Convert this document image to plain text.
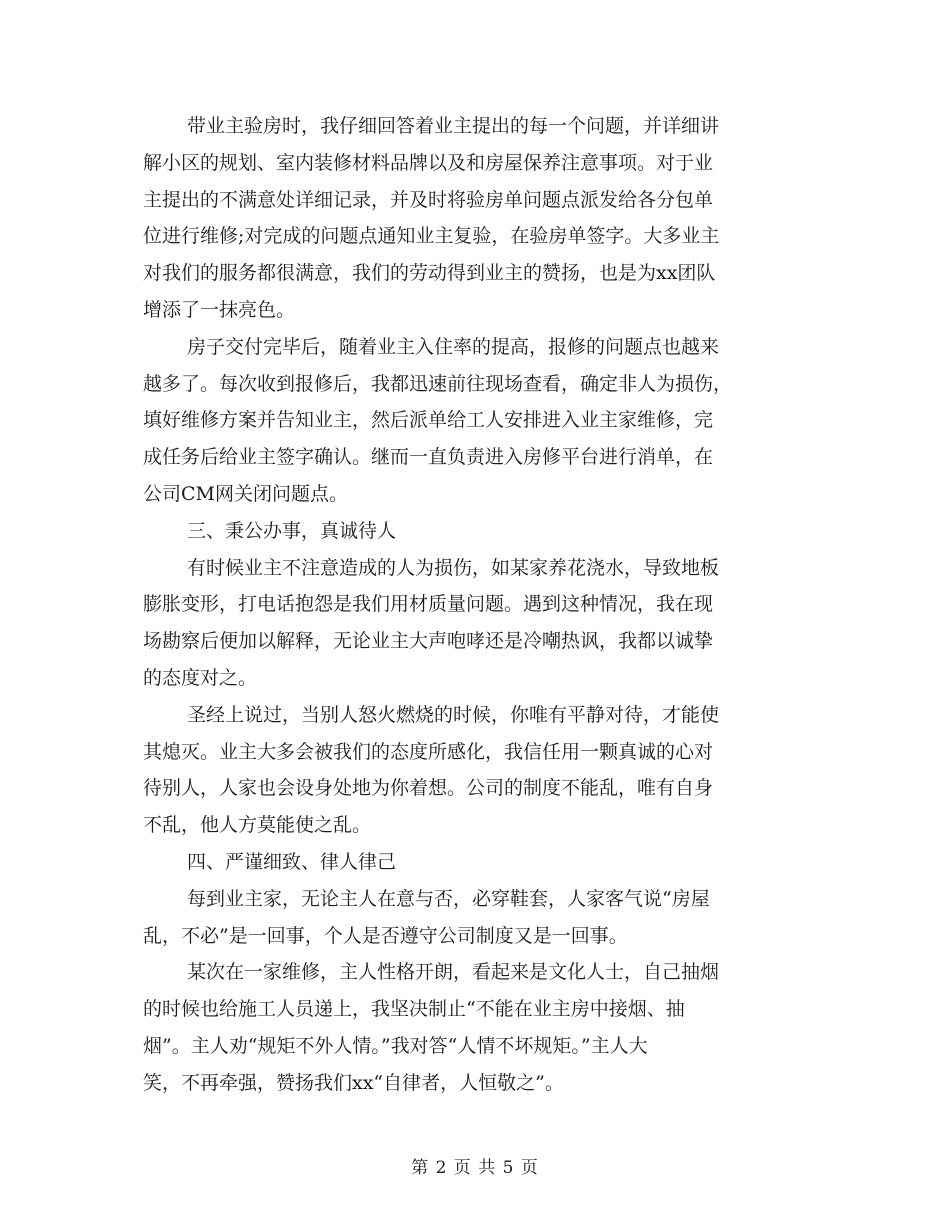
带业主验房时，我仔细回答着业主提出的每一个问题，并详细讲
解小区的规划、室内装修材料品牌以及和房屋保养注意事项。对于业
主提出的不满意处详细记录，并及时将验房单问题点派发给各分包单
位进行维修;对完成的问题点通知业主复验，在验房单签字。大多业主
对我们的服务都很满意，我们的劳动得到业主的赞扬，也是为xx团队
增添了一抹亮色。
房子交付完毕后，随着业主入住率的提高，报修的问题点也越来
越多了。每次收到报修后，我都迅速前往现场查看，确定非人为损伤，
填好维修方案并告知业主，然后派单给工人安排进入业主家维修，完
成任务后给业主签字确认。继而一直负责进入房修平台进行消单，在
公司CM网关闭问题点。
三、秉公办事，真诚待人
有时候业主不注意造成的人为损伤，如某家养花浇水，导致地板
膨胀变形，打电话抱怨是我们用材质量问题。遇到这种情况，我在现
场勘察后便加以解释，无论业主大声咆哮还是冷嘲热讽，我都以诚挚
的态度对之。
圣经上说过，当别人怒火燃烧的时候，你唯有平静对待，才能使
其熄灭。业主大多会被我们的态度所感化，我信任用一颗真诚的心对
待别人，人家也会设身处地为你着想。公司的制度不能乱，唯有自身
不乱，他人方莫能使之乱。
四、严谨细致、律人律己
每到业主家，无论主人在意与否，必穿鞋套，人家客气说“房屋
乱，不必”是一回事，个人是否遵守公司制度又是一回事。
某次在一家维修，主人性格开朗，看起来是文化人士，自己抽烟
的时候也给施工人员递上，我坚决制止“不能在业主房中接烟、抽
烟”。主人劝“规矩不外人情。”我对答“人情不坏规矩。”主人大
笑，不再牵强，赞扬我们xx“自律者，人恒敬之”。
第 2 页 共 5 页
